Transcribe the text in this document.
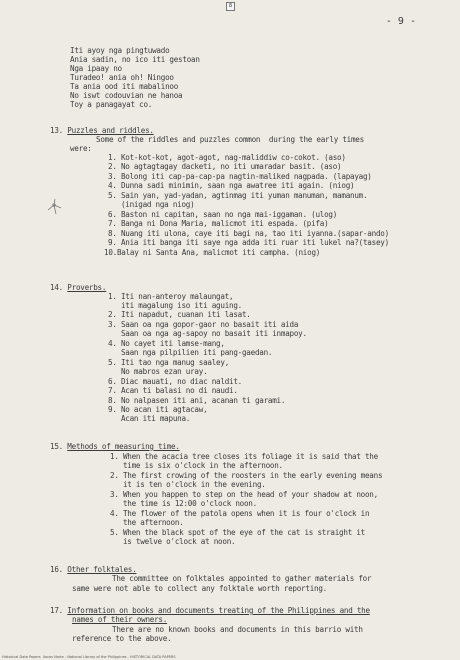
8
- 9 -
Iti ayoy nga pingtuwado
Ania sadin, no ico iti gestoan
Nga ipaay no
Turadeo! ania oh! Ningoo
Ta ania ood iti mabalinoo
No iswt codouvian ne hanoa
Toy a panagayat co.
13. Puzzles and riddles.
Some of the riddles and puzzles common  during the early times
were:
1. Kot-kot-kot, agot-agot, nag-maliddiw co-cokot. (aso)
2. No agtagtagay dacketi, no iti umaradar basit. (aso)
3. Bolong iti cap-pa-cap-pa nagtin-maliked nagpada. (lapayag)
4. Dunna sadi minimin, saan nga awatree iti again. (niog)
5. Sain yan, yad-yadan, agtinmag iti yuman manuman, mamanum.
(inigad nga niog)
6. Baston ni capitan, saan no nga mai-iggaman. (ulog)
7. Banga ni Dona Maria, malicmot iti espada. (pifa)
8. Nuang iti ulona, caye iti bagi na, tao iti iyanna.(sapar-ando)
9. Ania iti banga iti saye nga adda iti ruar iti lukel na?(tasey)
10.Balay ni Santa Ana, malicmot iti campha. (niog)
14. Proverbs.
1. Iti nan-anteroy malaungat,
iti magalung iso iti aguing.
2. Iti napadut, cuanan iti lasat.
3. Saan oa nga gopor-gaor no basait iti aida
Saan oa nga ag-sapoy no basait iti inmapoy.
4. No cayet iti lamse-mang,
Saan nga pilpilien iti pang-gaedan.
5. Iti tao nga manug saaley,
No mabros ezan uray.
6. Diac mauati, no diac naldit.
7. Acan ti balasi no di naudi.
8. No nalpasen iti ani, acanan ti garami.
9. No acan iti agtacaw,
Acan iti mapuna.
15. Methods of measuring time.
1. When the acacia tree closes its foliage it is said that the
time is six o'clock in the afternoon.
2. The first crowing of the roosters in the early evening means
it is ten o'clock in the evening.
3. When you happen to step on the head of your shadow at noon,
the time is 12:00 o'clock noon.
4. The flower of the patola opens when it is four o'clock in
the afternoon.
5. When the black spot of the eye of the cat is straight it
is twelve o'clock at noon.
16. Other folktales.
The committee on folktales appointed to gather materials for
same were not able to collect any folktale worth reporting.
17. Information on books and documents treating of the Philippines and the
names of their owners.
There are no known books and documents in this barrio with
reference to the above.
Historical Data Papers  Ilocos Norte - National Library of the Philippines - HISTORICAL DATA PAPERS
